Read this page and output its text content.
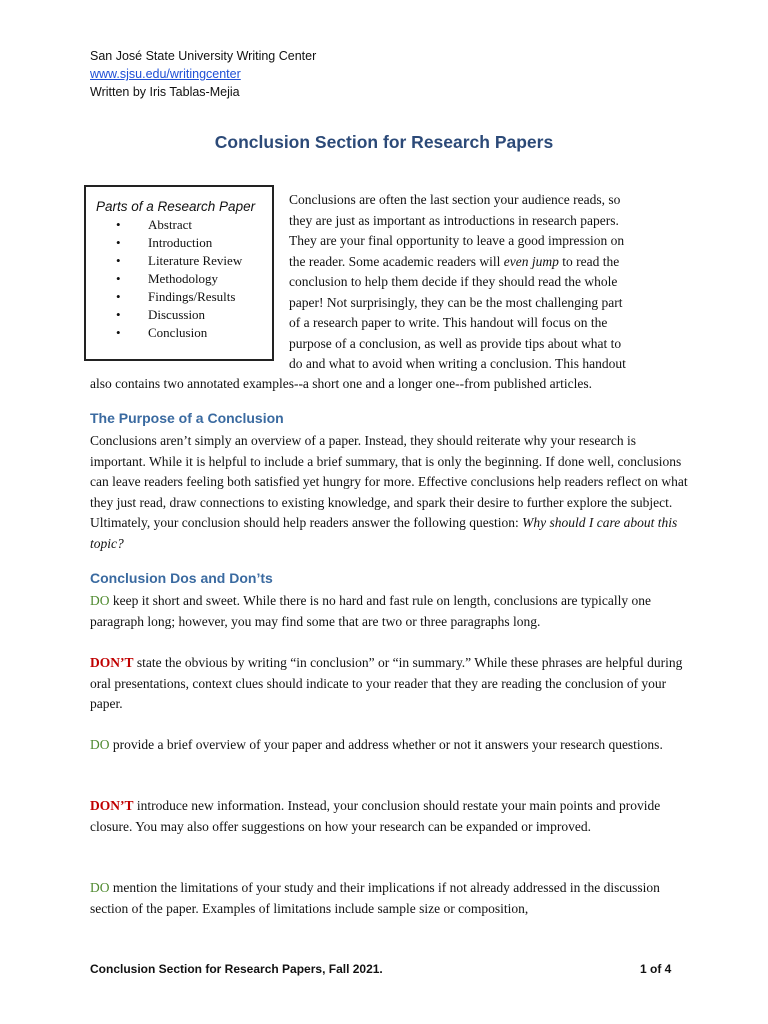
San José State University Writing Center
www.sjsu.edu/writingcenter
Written by Iris Tablas-Mejia
Conclusion Section for Research Papers
Parts of a Research Paper
• Abstract
• Introduction
• Literature Review
• Methodology
• Findings/Results
• Discussion
• Conclusion
Conclusions are often the last section your audience reads, so
they are just as important as introductions in research papers.
They are your final opportunity to leave a good impression on
the reader. Some academic readers will even jump to read the
conclusion to help them decide if they should read the whole
paper! Not surprisingly, they can be the most challenging part
of a research paper to write. This handout will focus on the
purpose of a conclusion, as well as provide tips about what to
do and what to avoid when writing a conclusion. This handout
also contains two annotated examples--a short one and a longer one--from published articles.
The Purpose of a Conclusion
Conclusions aren’t simply an overview of a paper. Instead, they should reiterate why your research is important. While it is helpful to include a brief summary, that is only the beginning. If done well, conclusions can leave readers feeling both satisfied yet hungry for more. Effective conclusions help readers reflect on what they just read, draw connections to existing knowledge, and spark their desire to further explore the subject. Ultimately, your conclusion should help readers answer the following question: Why should I care about this topic?
Conclusion Dos and Don’ts
DO keep it short and sweet. While there is no hard and fast rule on length, conclusions are typically one paragraph long; however, you may find some that are two or three paragraphs long.
DON’T state the obvious by writing “in conclusion” or “in summary.” While these phrases are helpful during oral presentations, context clues should indicate to your reader that they are reading the conclusion of your paper.
DO provide a brief overview of your paper and address whether or not it answers your research questions.
DON’T introduce new information. Instead, your conclusion should restate your main points and provide closure. You may also offer suggestions on how your research can be expanded or improved.
DO mention the limitations of your study and their implications if not already addressed in the discussion section of the paper. Examples of limitations include sample size or composition,
Conclusion Section for Research Papers, Fall 2021.	1 of 4
